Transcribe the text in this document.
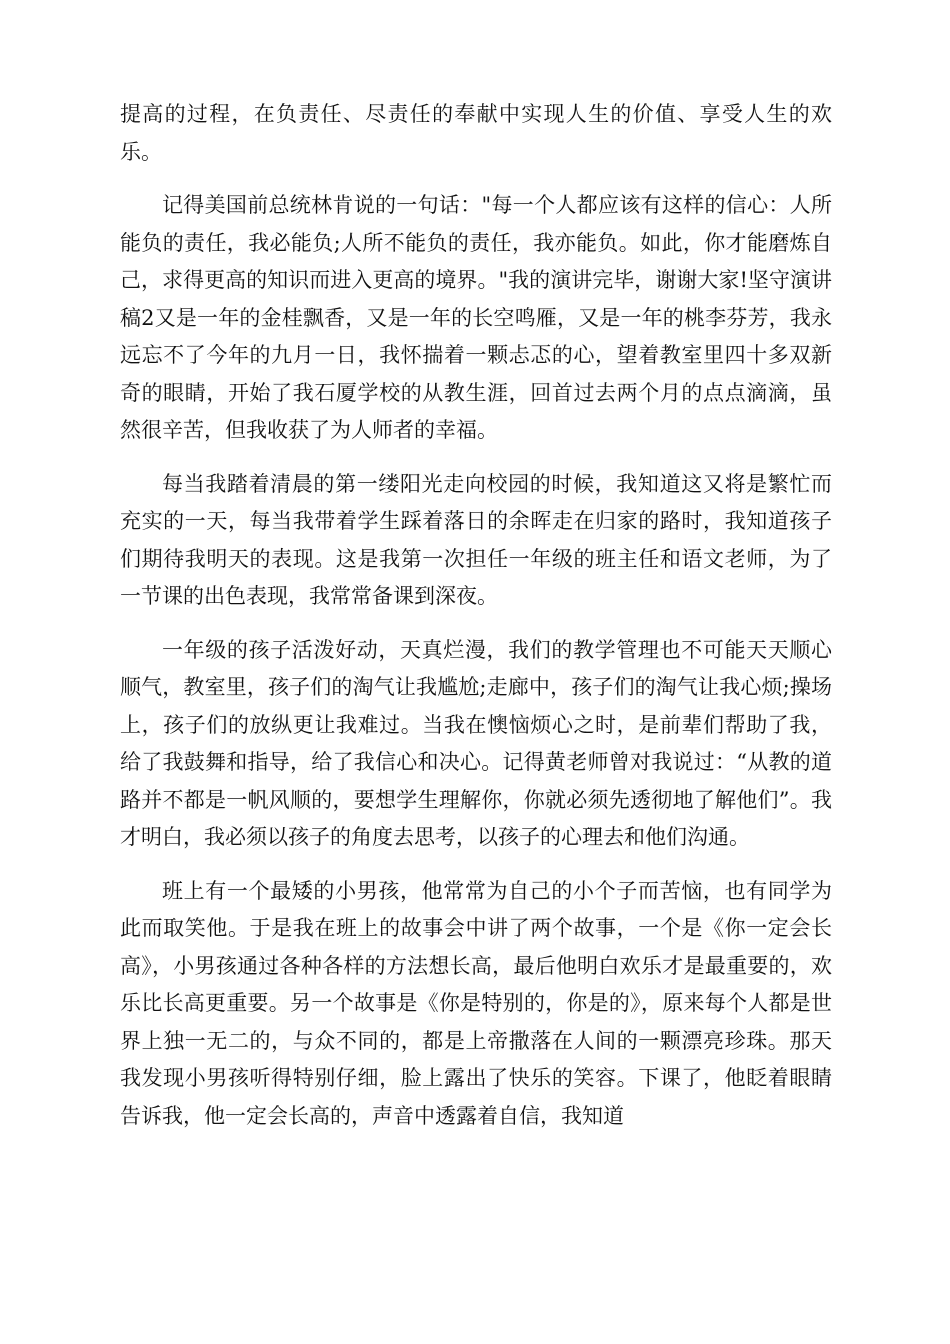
提高的过程，在负责任、尽责任的奉献中实现人生的价值、享受人生的欢乐。

记得美国前总统林肯说的一句话："每一个人都应该有这样的信心：人所能负的责任，我必能负;人所不能负的责任，我亦能负。如此，你才能磨炼自己，求得更高的知识而进入更高的境界。"我的演讲完毕，谢谢大家!坚守演讲稿2又是一年的金桂飘香，又是一年的长空鸣雁，又是一年的桃李芬芳，我永远忘不了今年的九月一日，我怀揣着一颗忐忑的心，望着教室里四十多双新奇的眼睛，开始了我石厦学校的从教生涯，回首过去两个月的点点滴滴，虽然很辛苦，但我收获了为人师者的幸福。

每当我踏着清晨的第一缕阳光走向校园的时候，我知道这又将是繁忙而充实的一天，每当我带着学生踩着落日的余晖走在归家的路时，我知道孩子们期待我明天的表现。这是我第一次担任一年级的班主任和语文老师，为了一节课的出色表现，我常常备课到深夜。

一年级的孩子活泼好动，天真烂漫，我们的教学管理也不可能天天顺心顺气，教室里，孩子们的淘气让我尴尬;走廊中，孩子们的淘气让我心烦;操场上，孩子们的放纵更让我难过。当我在懊恼烦心之时，是前辈们帮助了我，给了我鼓舞和指导，给了我信心和决心。记得黄老师曾对我说过：“从教的道路并不都是一帆风顺的，要想学生理解你，你就必须先透彻地了解他们”。我才明白，我必须以孩子的角度去思考，以孩子的心理去和他们沟通。

班上有一个最矮的小男孩，他常常为自己的小个子而苦恼，也有同学为此而取笑他。于是我在班上的故事会中讲了两个故事，一个是《你一定会长高》，小男孩通过各种各样的方法想长高，最后他明白欢乐才是最重要的，欢乐比长高更重要。另一个故事是《你是特别的，你是的》，原来每个人都是世界上独一无二的，与众不同的，都是上帝撒落在人间的一颗漂亮珍珠。那天我发现小男孩听得特别仔细，脸上露出了快乐的笑容。下课了，他眨着眼睛告诉我，他一定会长高的，声音中透露着自信，我知道
